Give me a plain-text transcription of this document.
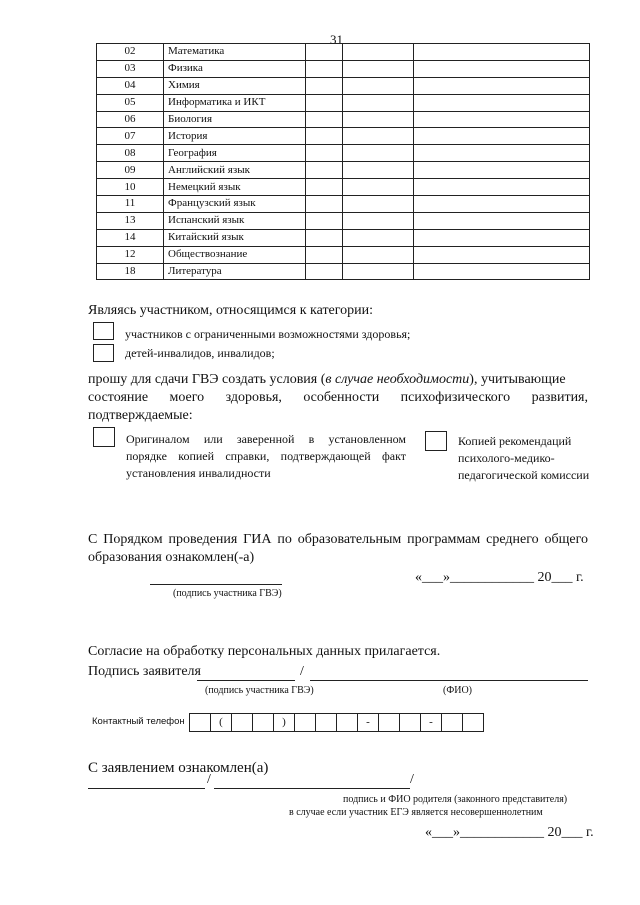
31
02	Математика			
03	Физика			
04	Химия			
05	Информатика и ИКТ			
06	Биология			
07	История			
08	География			
09	Английский язык			
10	Немецкий язык			
11	Французский язык			
13	Испанский язык			
14	Китайский язык			
12	Обществознание			
18	Литература			
Являясь участником, относящимся к категории:
участников с ограниченными возможностями здоровья;
детей-инвалидов, инвалидов;
прошу для сдачи ГВЭ создать условия (в случае необходимости), учитывающие
состояние моего здоровья, особенности психофизического развития,
подтверждаемые:
Оригиналом или заверенной в установленном
порядке копией справки, подтверждающей факт
установления инвалидности
Копией рекомендаций
психолого-медико-
педагогической комиссии
С Порядком проведения ГИА по образовательным программам среднего общего
образования ознакомлен(-а)
(подпись участника ГВЭ)
«___»____________ 20___ г.
Согласие на обработку персональных данных прилагается.
Подпись заявителя	/
(подпись участника ГВЭ)	(ФИО)
Контактный телефон	(	)	-	-
С заявлением ознакомлен(а)
/	/
подпись и ФИО родителя (законного представителя)
в случае если участник ЕГЭ является несовершеннолетним
«___»____________ 20___ г.
